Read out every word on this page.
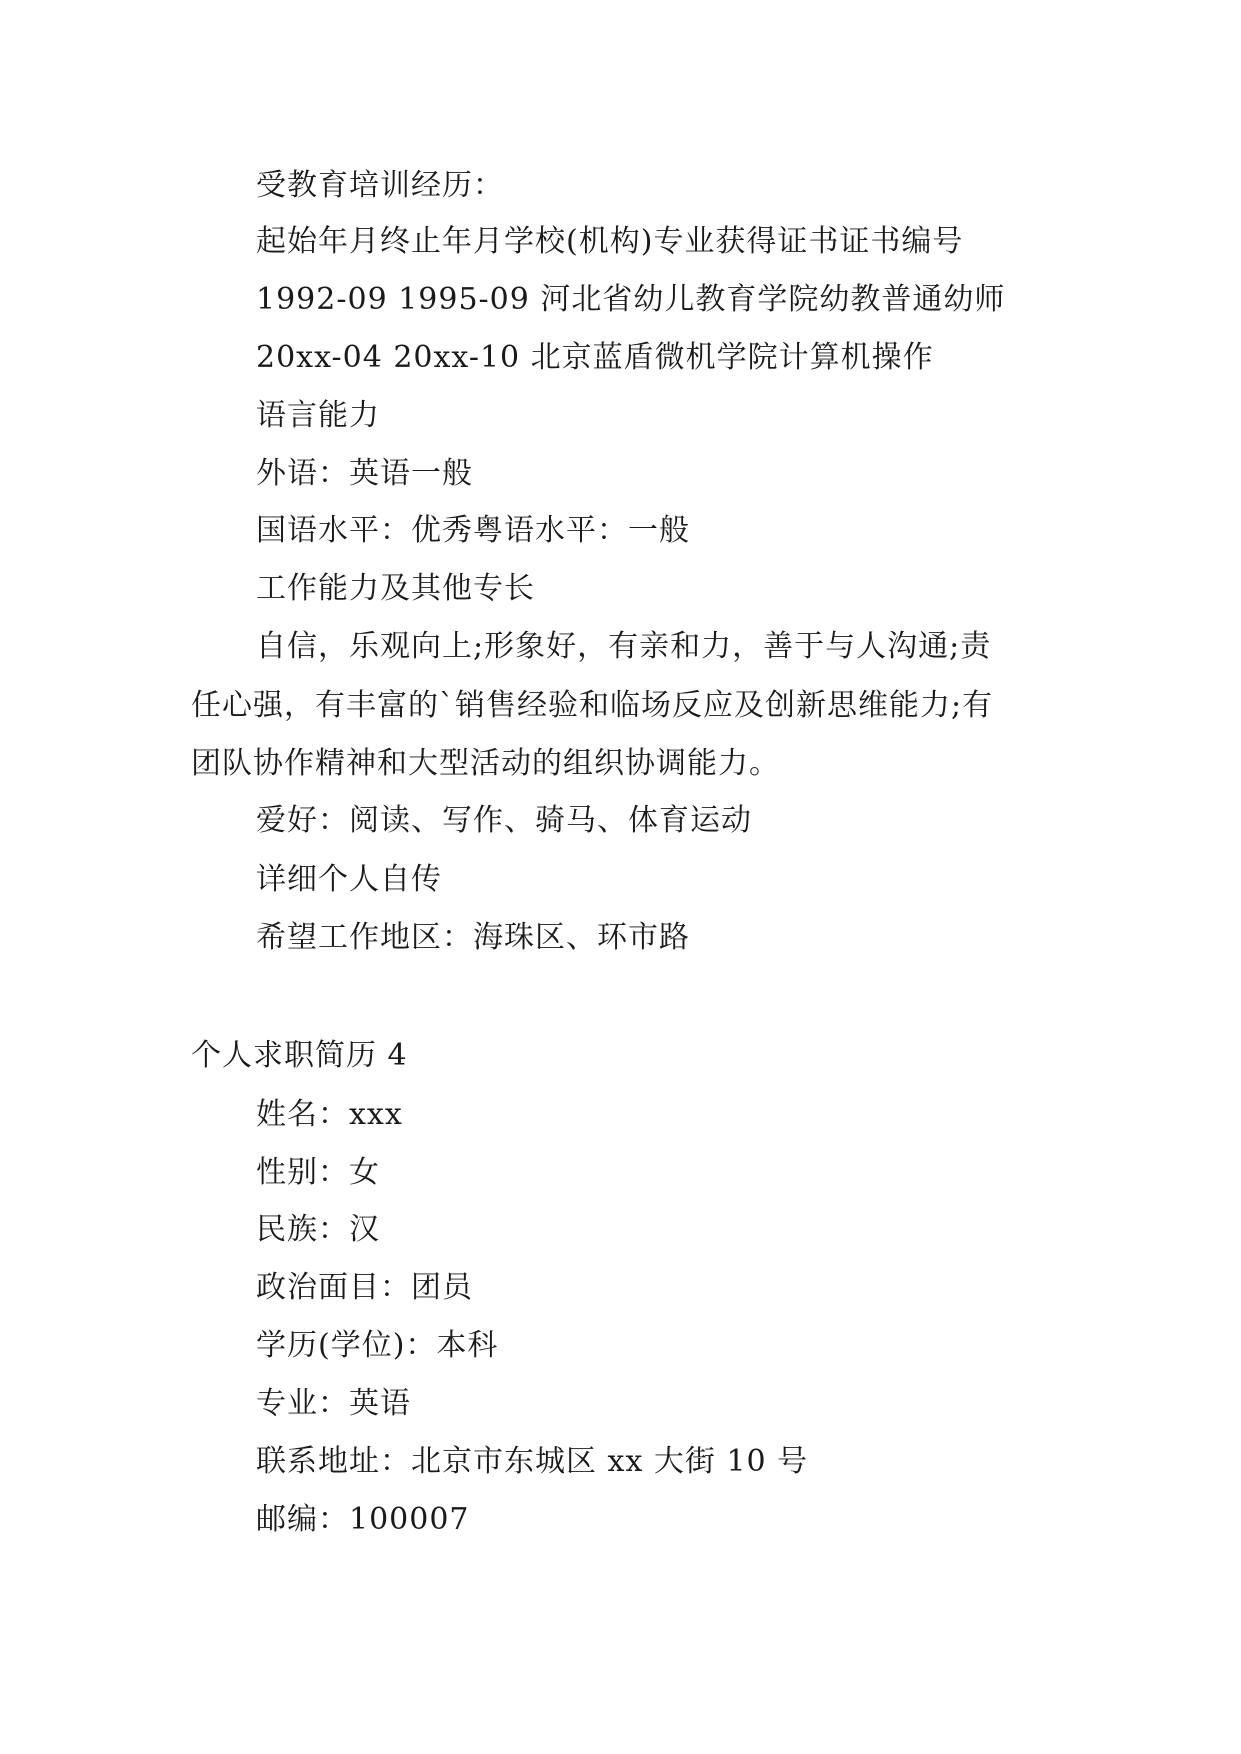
受教育培训经历：
起始年月终止年月学校(机构)专业获得证书证书编号
1992-09 1995-09 河北省幼儿教育学院幼教普通幼师
20xx-04 20xx-10 北京蓝盾微机学院计算机操作
语言能力
外语：英语一般
国语水平：优秀粤语水平：一般
工作能力及其他专长
自信，乐观向上;形象好，有亲和力，善于与人沟通;责
任心强，有丰富的`销售经验和临场反应及创新思维能力;有
团队协作精神和大型活动的组织协调能力。
爱好：阅读、写作、骑马、体育运动
详细个人自传
希望工作地区：海珠区、环市路
个人求职简历 4
姓名：xxx
性别：女
民族：汉
政治面目：团员
学历(学位)：本科
专业：英语
联系地址：北京市东城区 xx 大街 10 号
邮编：100007
